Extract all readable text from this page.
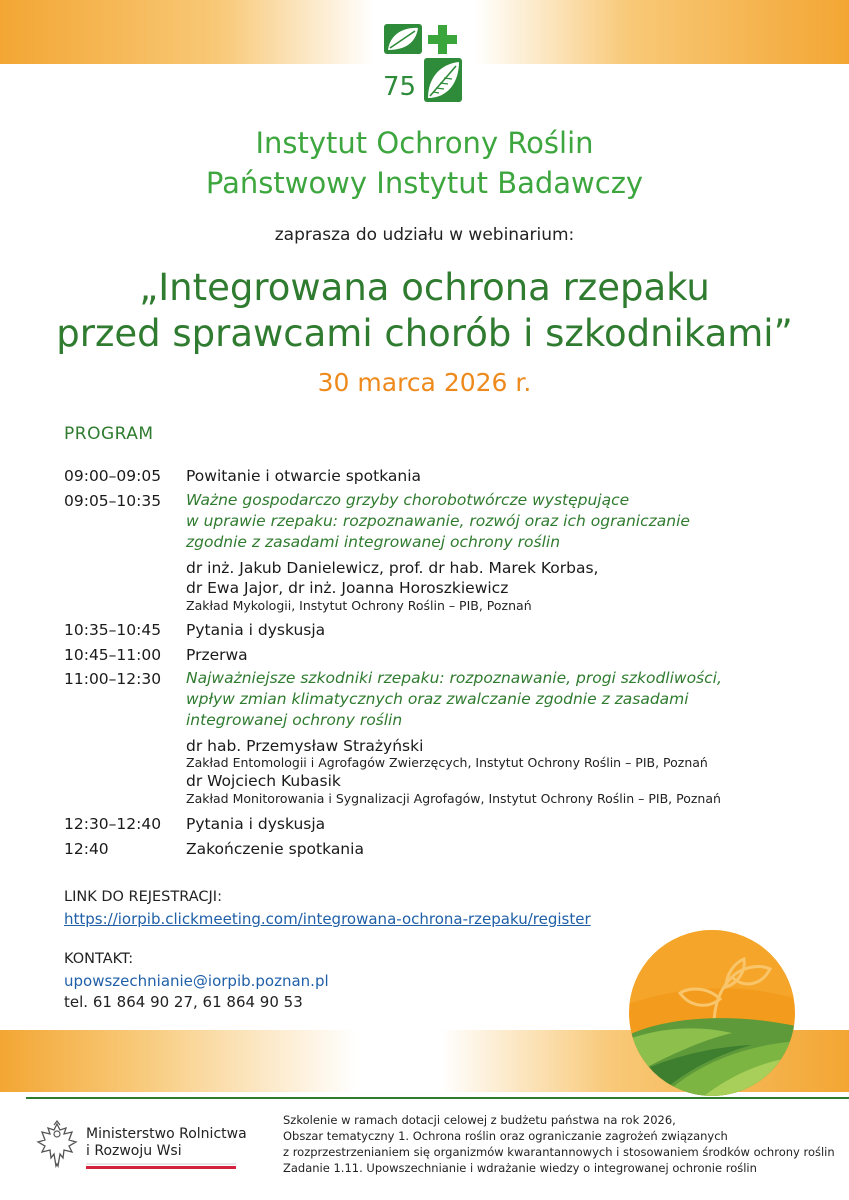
75
Instytut Ochrony Roślin
Państwowy Instytut Badawczy
zaprasza do udziału w webinarium:
„Integrowana ochrona rzepaku
przed sprawcami chorób i szkodnikami”
30 marca 2026 r.
PROGRAM
09:00–09:05 Powitanie i otwarcie spotkania
09:05–10:35 Ważne gospodarczo grzyby chorobotwórcze występujące
w uprawie rzepaku: rozpoznawanie, rozwój oraz ich ograniczanie
zgodnie z zasadami integrowanej ochrony roślin
dr inż. Jakub Danielewicz, prof. dr hab. Marek Korbas,
dr Ewa Jajor, dr inż. Joanna Horoszkiewicz
Zakład Mykologii, Instytut Ochrony Roślin – PIB, Poznań
10:35–10:45 Pytania i dyskusja
10:45–11:00 Przerwa
11:00–12:30 Najważniejsze szkodniki rzepaku: rozpoznawanie, progi szkodliwości,
wpływ zmian klimatycznych oraz zwalczanie zgodnie z zasadami
integrowanej ochrony roślin
dr hab. Przemysław Strażyński
Zakład Entomologii i Agrofagów Zwierzęcych, Instytut Ochrony Roślin – PIB, Poznań
dr Wojciech Kubasik
Zakład Monitorowania i Sygnalizacji Agrofagów, Instytut Ochrony Roślin – PIB, Poznań
12:30–12:40 Pytania i dyskusja
12:40	Zakończenie spotkania
LINK DO REJESTRACJI:
https://iorpib.clickmeeting.com/integrowana-ochrona-rzepaku/register
KONTAKT:
upowszechnianie@iorpib.poznan.pl
tel. 61 864 90 27, 61 864 90 53
Ministerstwo Rolnictwa
i Rozwoju Wsi
Szkolenie w ramach dotacji celowej z budżetu państwa na rok 2026,
Obszar tematyczny 1. Ochrona roślin oraz ograniczanie zagrożeń związanych
z rozprzestrzenianiem się organizmów kwarantannowych i stosowaniem środków ochrony roślin
Zadanie 1.11. Upowszechnianie i wdrażanie wiedzy o integrowanej ochronie roślin
